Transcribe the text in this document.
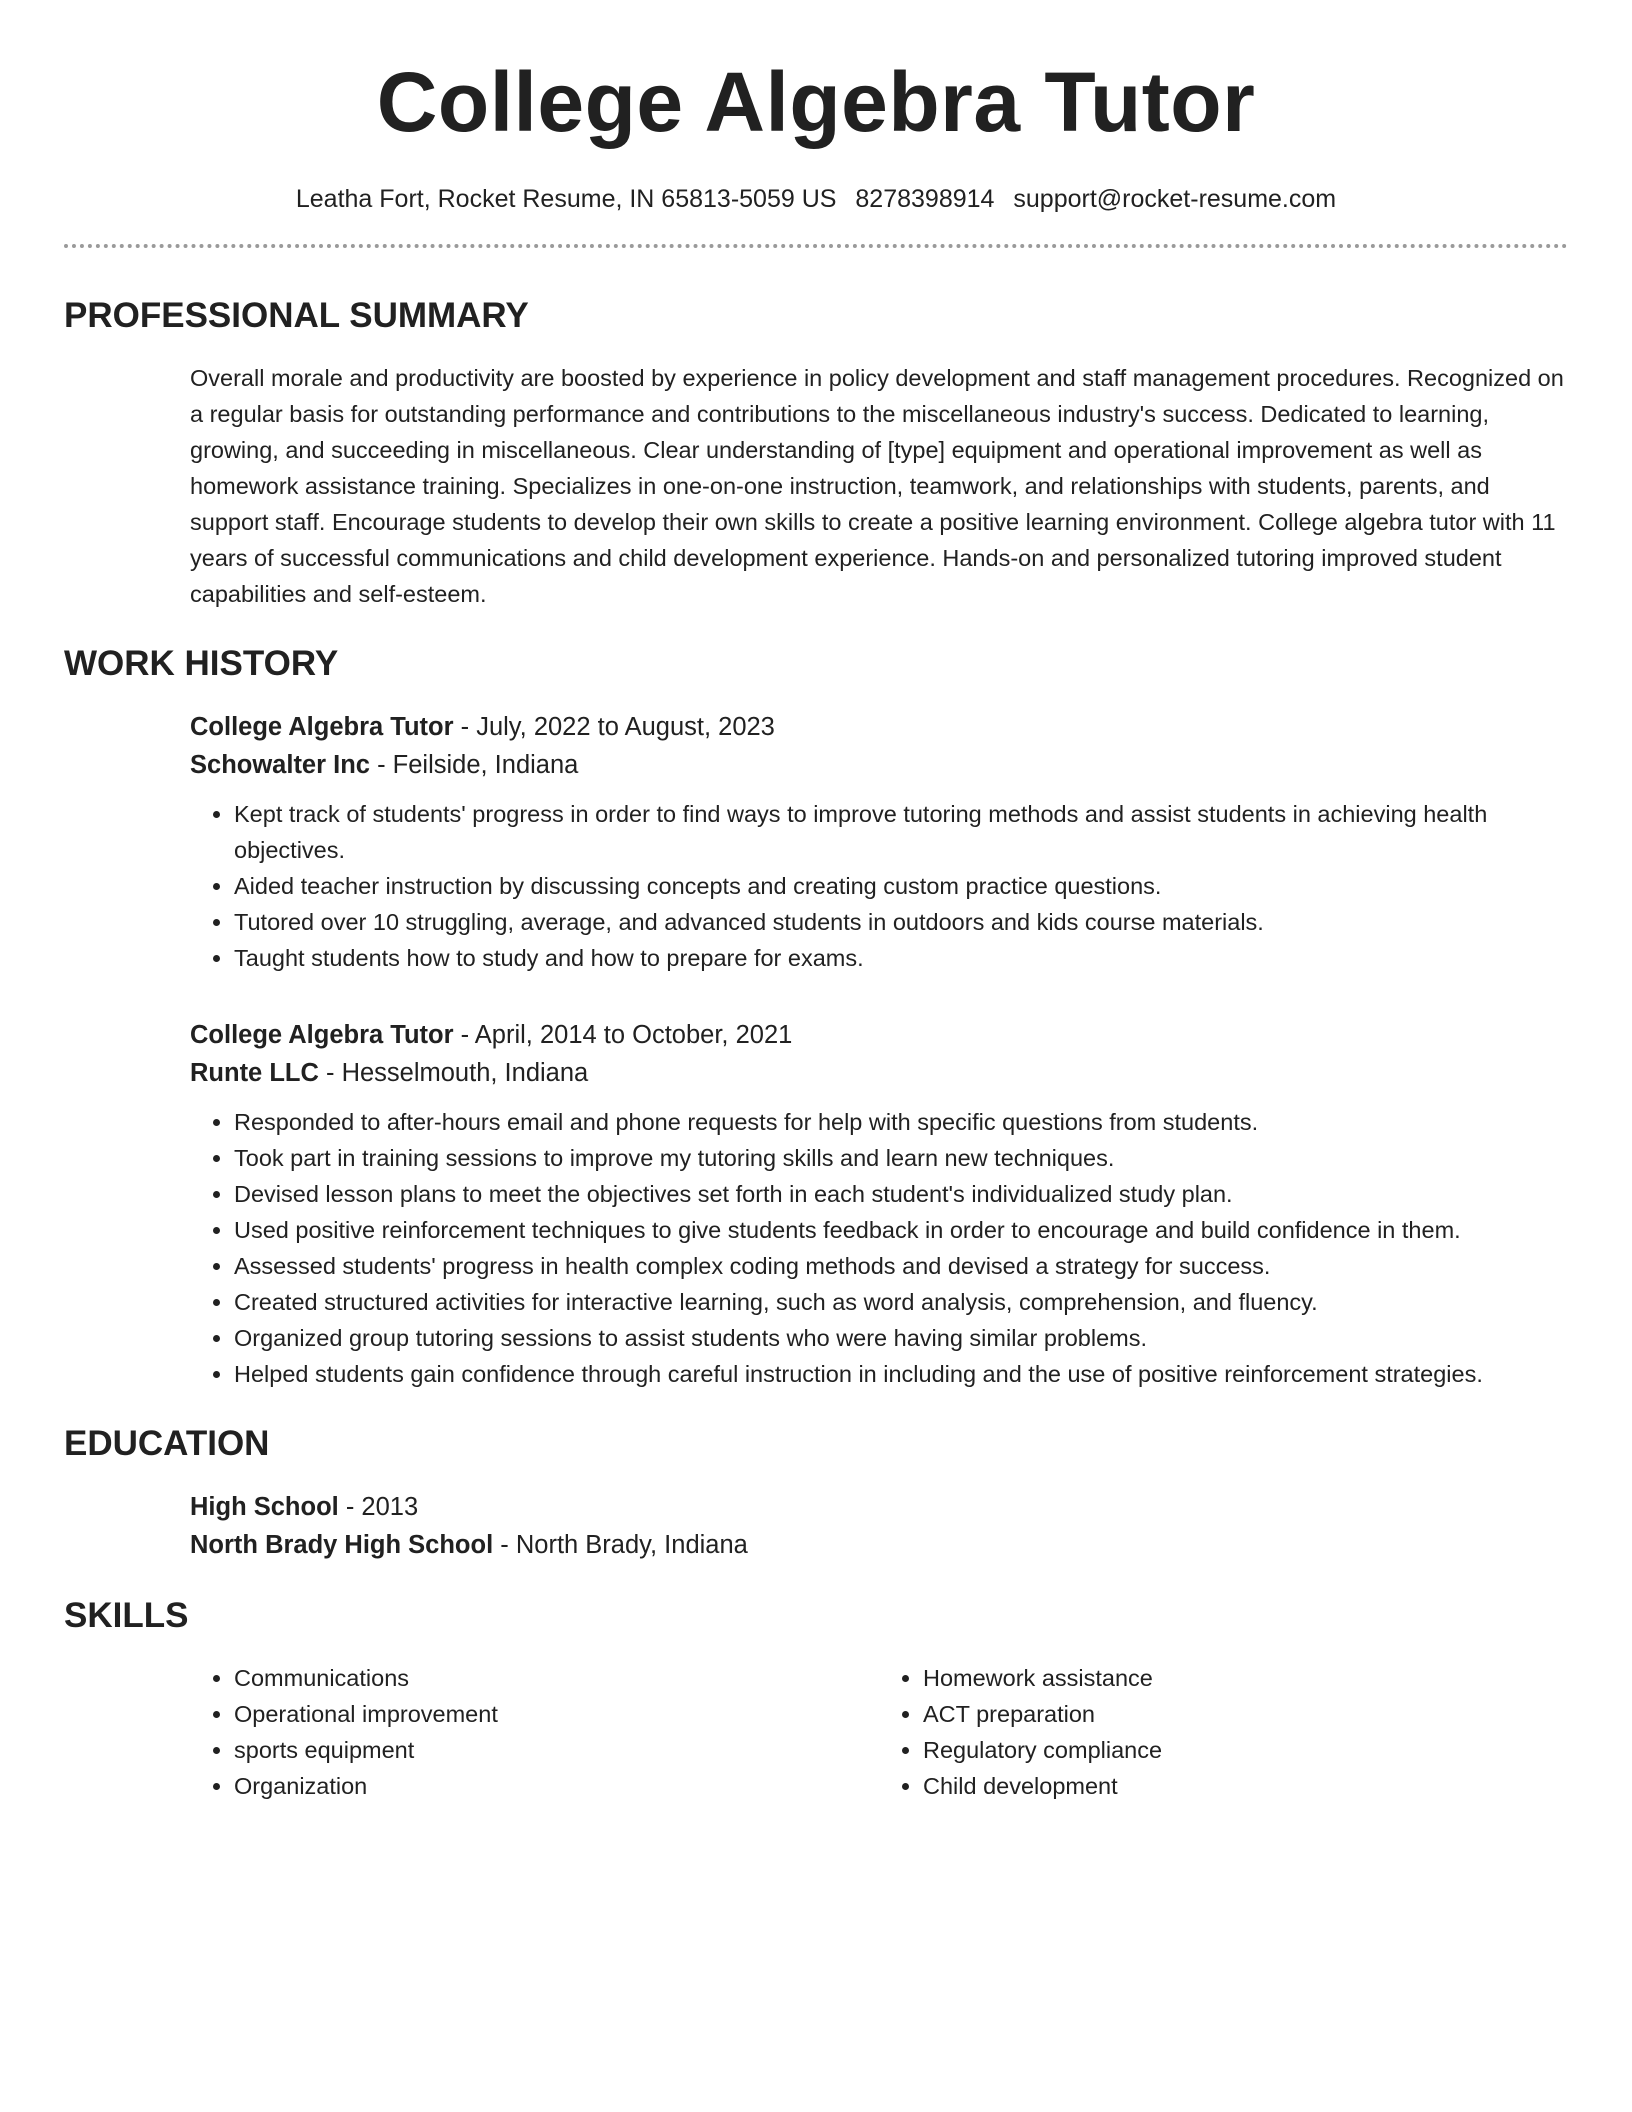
College Algebra Tutor
Leatha Fort, Rocket Resume, IN 65813-5059 US 8278398914 support@rocket-resume.com
PROFESSIONAL SUMMARY

Overall morale and productivity are boosted by experience in policy development and staff management procedures. Recognized on a regular basis for outstanding performance and contributions to the miscellaneous industry's success. Dedicated to learning, growing, and succeeding in miscellaneous. Clear understanding of [type] equipment and operational improvement as well as homework assistance training. Specializes in one-on-one instruction, teamwork, and relationships with students, parents, and support staff. Encourage students to develop their own skills to create a positive learning environment. College algebra tutor with 11 years of successful communications and child development experience. Hands-on and personalized tutoring improved student capabilities and self-esteem.

WORK HISTORY
College Algebra Tutor - July, 2022 to August, 2023
Schowalter Inc - Feilside, Indiana
• Kept track of students' progress in order to find ways to improve tutoring methods and assist students in achieving health objectives.
• Aided teacher instruction by discussing concepts and creating custom practice questions.
• Tutored over 10 struggling, average, and advanced students in outdoors and kids course materials.
• Taught students how to study and how to prepare for exams.
College Algebra Tutor - April, 2014 to October, 2021
Runte LLC - Hesselmouth, Indiana
• Responded to after-hours email and phone requests for help with specific questions from students.
• Took part in training sessions to improve my tutoring skills and learn new techniques.
• Devised lesson plans to meet the objectives set forth in each student's individualized study plan.
• Used positive reinforcement techniques to give students feedback in order to encourage and build confidence in them.
• Assessed students' progress in health complex coding methods and devised a strategy for success.
• Created structured activities for interactive learning, such as word analysis, comprehension, and fluency.
• Organized group tutoring sessions to assist students who were having similar problems.
• Helped students gain confidence through careful instruction in including and the use of positive reinforcement strategies.
EDUCATION
High School - 2013
North Brady High School - North Brady, Indiana
SKILLS
• Communications
• Operational improvement
• sports equipment
• Organization
• Homework assistance
• ACT preparation
• Regulatory compliance
• Child development
